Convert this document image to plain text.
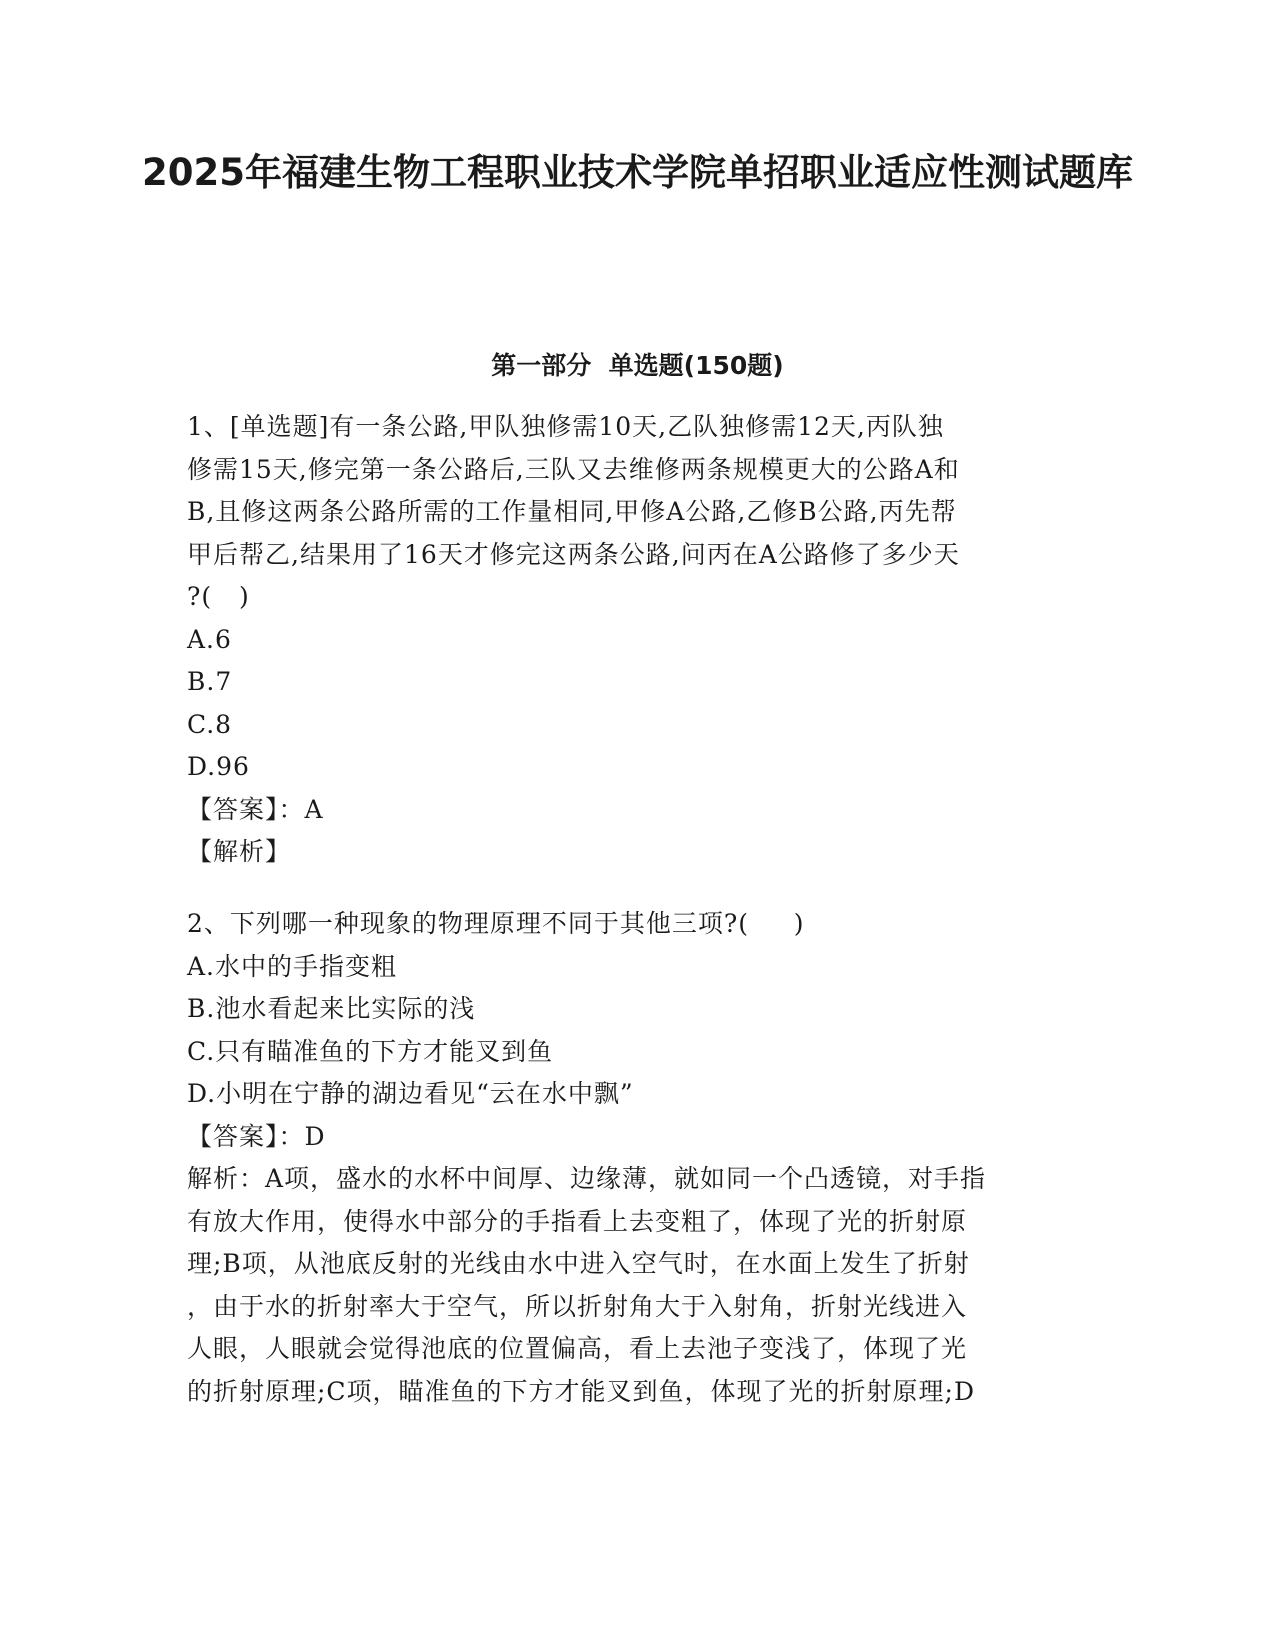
2025年福建生物工程职业技术学院单招职业适应性测试题库
第一部分  单选题(150题)
1、[单选题]有一条公路,甲队独修需10天,乙队独修需12天,丙队独
修需15天,修完第一条公路后,三队又去维修两条规模更大的公路A和
B,且修这两条公路所需的工作量相同,甲修A公路,乙修B公路,丙先帮
甲后帮乙,结果用了16天才修完这两条公路,问丙在A公路修了多少天
?(   )
A.6
B.7
C.8
D.96
【答案】：A
【解析】
2、下列哪一种现象的物理原理不同于其他三项?(     )
A.水中的手指变粗
B.池水看起来比实际的浅
C.只有瞄准鱼的下方才能叉到鱼
D.小明在宁静的湖边看见“云在水中飘”
【答案】：D
解析：A项，盛水的水杯中间厚、边缘薄，就如同一个凸透镜，对手指
有放大作用，使得水中部分的手指看上去变粗了，体现了光的折射原
理;B项，从池底反射的光线由水中进入空气时，在水面上发生了折射
，由于水的折射率大于空气，所以折射角大于入射角，折射光线进入
人眼，人眼就会觉得池底的位置偏高，看上去池子变浅了，体现了光
的折射原理;C项，瞄准鱼的下方才能叉到鱼，体现了光的折射原理;D
